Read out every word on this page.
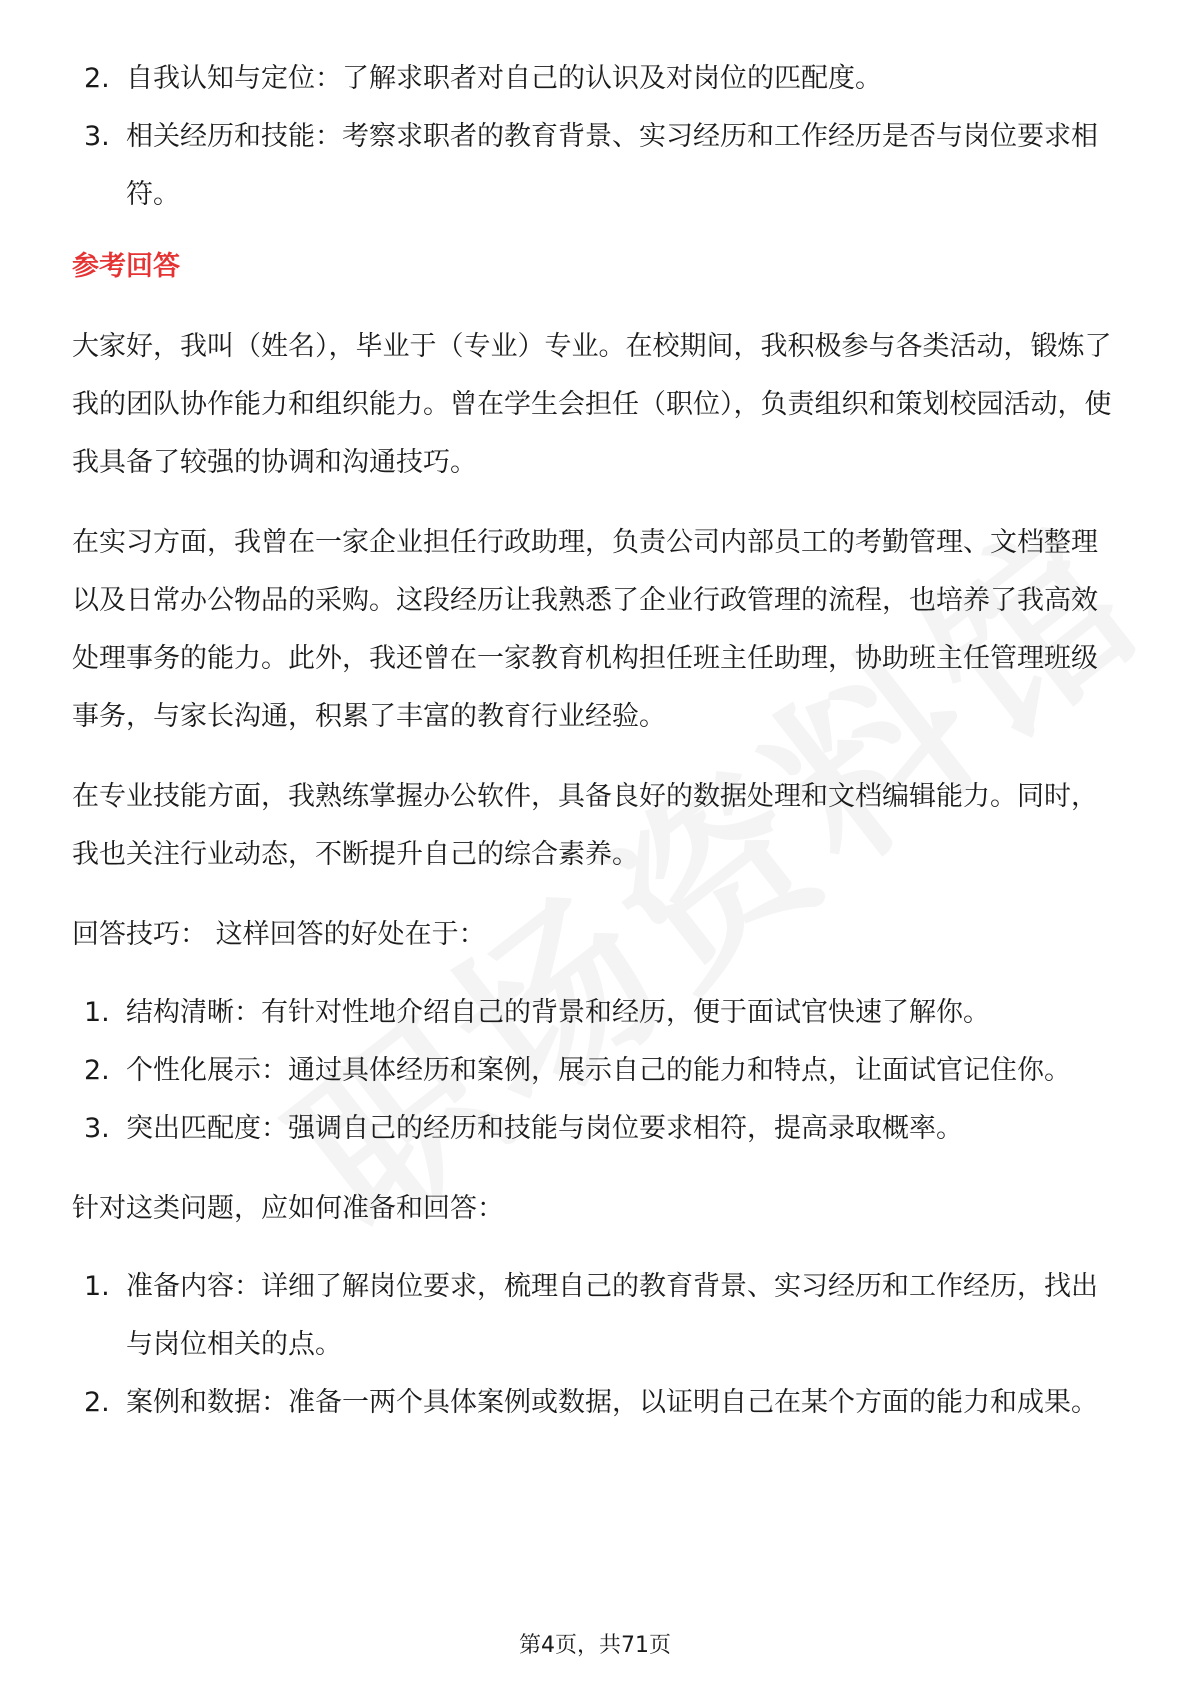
2. 自我认知与定位：了解求职者对自己的认识及对岗位的匹配度。
3. 相关经历和技能：考察求职者的教育背景、实习经历和工作经历是否与岗位要求相符。

参考回答

大家好，我叫（姓名），毕业于（专业）专业。在校期间，我积极参与各类活动，锻炼了我的团队协作能力和组织能力。曾在学生会担任（职位），负责组织和策划校园活动，使我具备了较强的协调和沟通技巧。

在实习方面，我曾在一家企业担任行政助理，负责公司内部员工的考勤管理、文档整理以及日常办公物品的采购。这段经历让我熟悉了企业行政管理的流程，也培养了我高效处理事务的能力。此外，我还曾在一家教育机构担任班主任助理，协助班主任管理班级事务，与家长沟通，积累了丰富的教育行业经验。

在专业技能方面，我熟练掌握办公软件，具备良好的数据处理和文档编辑能力。同时，我也关注行业动态，不断提升自己的综合素养。

回答技巧： 这样回答的好处在于：

1. 结构清晰：有针对性地介绍自己的背景和经历，便于面试官快速了解你。
2. 个性化展示：通过具体经历和案例，展示自己的能力和特点，让面试官记住你。
3. 突出匹配度：强调自己的经历和技能与岗位要求相符，提高录取概率。

针对这类问题，应如何准备和回答：

1. 准备内容：详细了解岗位要求，梳理自己的教育背景、实习经历和工作经历，找出与岗位相关的点。
2. 案例和数据：准备一两个具体案例或数据，以证明自己在某个方面的能力和成果。
第4页，共71页
